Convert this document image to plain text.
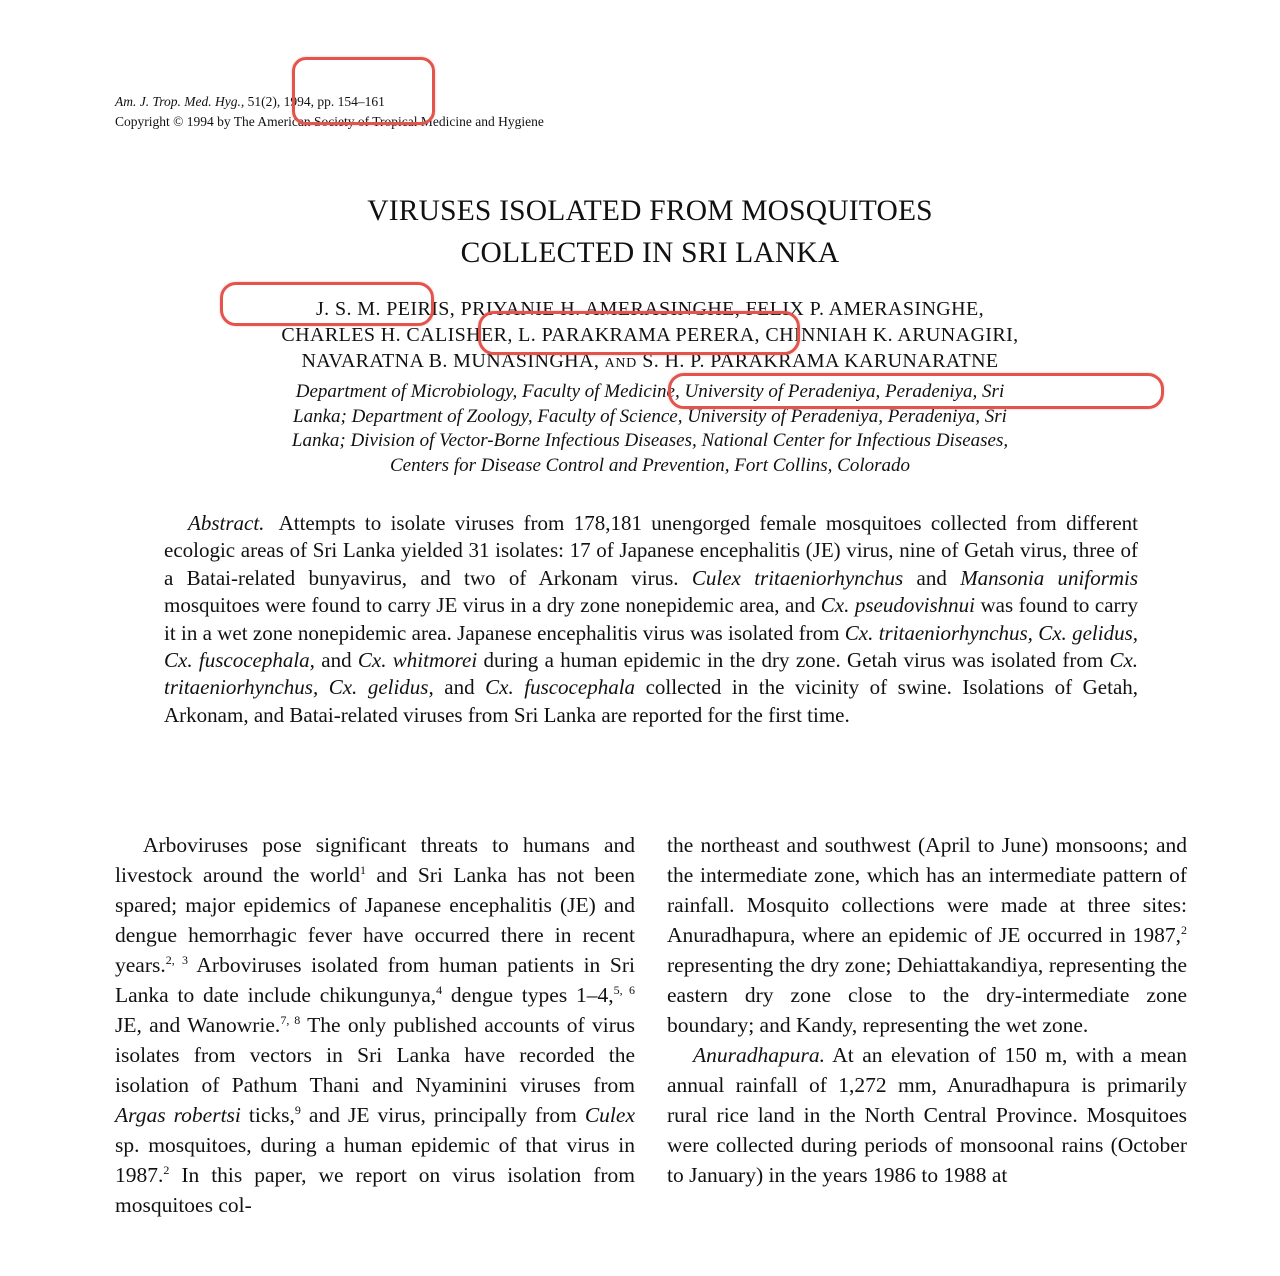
Am. J. Trop. Med. Hyg., 51(2), 1994, pp. 154–161
Copyright © 1994 by The American Society of Tropical Medicine and Hygiene
VIRUSES ISOLATED FROM MOSQUITOES
COLLECTED IN SRI LANKA
J. S. M. PEIRIS, PRIYANIE H. AMERASINGHE, FELIX P. AMERASINGHE,
CHARLES H. CALISHER, L. PARAKRAMA PERERA, CHINNIAH K. ARUNAGIRI,
NAVARATNA B. MUNASINGHA, AND S. H. P. PARAKRAMA KARUNARATNE
Department of Microbiology, Faculty of Medicine, University of Peradeniya, Peradeniya, Sri
Lanka; Department of Zoology, Faculty of Science, University of Peradeniya, Peradeniya, Sri
Lanka; Division of Vector-Borne Infectious Diseases, National Center for Infectious Diseases,
Centers for Disease Control and Prevention, Fort Collins, Colorado
Abstract. Attempts to isolate viruses from 178,181 unengorged female mosquitoes collected from different ecologic areas of Sri Lanka yielded 31 isolates: 17 of Japanese encephalitis (JE) virus, nine of Getah virus, three of a Batai-related bunyavirus, and two of Arkonam virus. Culex tritaeniorhynchus and Mansonia uniformis mosquitoes were found to carry JE virus in a dry zone nonepidemic area, and Cx. pseudovishnui was found to carry it in a wet zone nonepidemic area. Japanese encephalitis virus was isolated from Cx. tritaeniorhynchus, Cx. gelidus, Cx. fuscocephala, and Cx. whitmorei during a human epidemic in the dry zone. Getah virus was isolated from Cx. tritaeniorhynchus, Cx. gelidus, and Cx. fuscocephala collected in the vicinity of swine. Isolations of Getah, Arkonam, and Batai-related viruses from Sri Lanka are reported for the first time.

Arboviruses pose significant threats to humans and livestock around the world$^1$ and Sri Lanka has not been spared; major epidemics of Japanese encephalitis (JE) and dengue hemorrhagic fever have occurred there in recent years.$^{2, 3}$ Arboviruses isolated from human patients in Sri Lanka to date include chikungunya,$^4$ dengue types 1–4,$^{5, 6}$ JE, and Wanowrie.$^{7, 8}$ The only published accounts of virus isolates from vectors in Sri Lanka have recorded the isolation of Pathum Thani and Nyaminini viruses from Argas robertsi ticks,$^9$ and JE virus, principally from Culex sp. mosquitoes, during a human epidemic of that virus in 1987.$^2$ In this paper, we report on virus isolation from mosquitoes col-

the northeast and southwest (April to June) monsoons; and the intermediate zone, which has an intermediate pattern of rainfall. Mosquito collections were made at three sites: Anuradhapura, where an epidemic of JE occurred in 1987,$^2$ representing the dry zone; Dehiattakandiya, representing the eastern dry zone close to the dry-intermediate zone boundary; and Kandy, representing the wet zone.

Anuradhapura. At an elevation of 150 m, with a mean annual rainfall of 1,272 mm, Anuradhapura is primarily rural rice land in the North Central Province. Mosquitoes were collected during periods of monsoonal rains (October to January) in the years 1986 to 1988 at
